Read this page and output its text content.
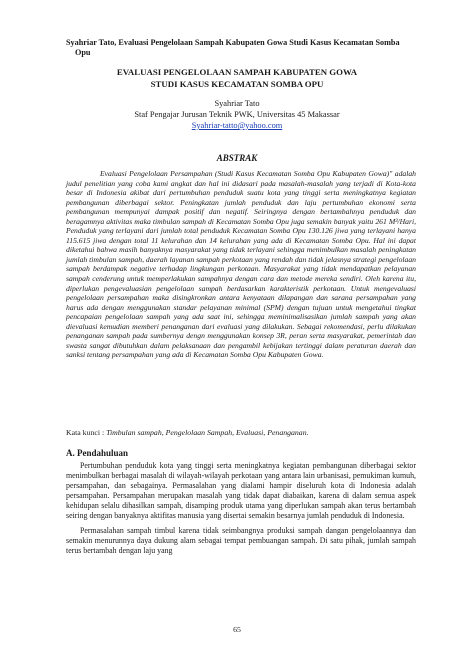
Syahriar Tato, Evaluasi Pengelolaan Sampah Kabupaten Gowa Studi Kasus Kecamatan Somba
Opu
EVALUASI PENGELOLAAN SAMPAH KABUPATEN GOWA
STUDI KASUS KECAMATAN SOMBA OPU
Syahriar Tato
Staf Pengajar Jurusan Teknik PWK, Universitas 45 Makassar
Syahriar-tatto@yahoo.com
ABSTRAK

Evaluasi Pengelolaan Persampahan (Studi Kasus Kecamatan Somba Opu Kabupaten Gowa)" adalah judul penelitian yang coba kami angkat dan hal ini didasari pada masalah-masalah yang terjadi di Kota-kota besar di Indonesia akibat dari pertumbuhan penduduk suatu kota yang tinggi serta meningkatnya kegiatan pembangunan diberbagai sektor. Peningkatan jumlah penduduk dan laju pertumbuhan ekonomi serta pembangunan mempunyai dampak positif dan negatif. Seiringnya dengan bertambahnya penduduk dan beragamnya aktivitas maka timbulan sampah di Kecamatan Somba Opu juga semakin banyak yaitu 261 M³/Hari, Penduduk yang terlayani dari jumlah total penduduk Kecamatan Somba Opu 130.126 jiwa yang terlayani hanya 115.615 jiwa dengan total 11 kelurahan dan 14 kelurahan yang ada di Kecamatan Somba Opu. Hal ini dapat diketahui bahwa masih banyaknya masyarakat yang tidak terlayani sehingga menimbulkan masalah peningkatan jumlah timbulan sampah, daerah layanan sampah perkotaan yang rendah dan tidak jelasnya strategi pengelolaan sampah berdampak negative terhadap lingkungan perkotaan. Masyarakat yang tidak mendapatkan pelayanan sampah cenderung untuk memperlakukan sampahnya dengan cara dan metode mereka sendiri. Oleh karena itu, diperlukan pengevaluasian pengelolaan sampah berdasarkan karakteristik perkotaan. Untuk mengevaluasi pengelolaan persampahan maka disingkronkan antara kenyataan dilapangan dan sarana persampahan yang harus ada dengan menggunakan standar pelayanan minimal (SPM) dengan tujuan untuk mengetahui tingkat pencapaian pengelolaan sampah yang ada saat ini, sehingga meminimalisasikan jumlah sampah yang akan dievaluasi kemudian memberi penanganan dari evaluasi yang dilakukan. Sebagai rekomendasi, perlu dilakukan penanganan sampah pada sumbernya dengn menggunakan konsep 3R, peran serta masyarakat, pemerintah dan swasta sangat dibutuhkan dalam pelaksanaan dan pengambil kebijakan tertinggi dalam peraturan daerah dan sanksi tentang persampahan yang ada di Kecamatan Somba Opu Kabupaten Gowa.

Kata kunci : Timbulan sampah, Pengelolaan Sampah, Evaluasi, Penanganan.
A. Pendahuluan

Pertumbuhan penduduk kota yang tinggi serta meningkatnya kegiatan pembangunan diberbagai sektor menimbulkan berbagai masalah di wilayah-wilayah perkotaan yang antara lain urbanisasi, pemukiman kumuh, persampahan, dan sebagainya. Permasalahan yang dialami hampir diseluruh kota di Indonesia adalah persampahan. Persampahan merupakan masalah yang tidak dapat diabaikan, karena di dalam semua aspek kehidupan selalu dihasilkan sampah, disamping produk utama yang diperlukan sampah akan terus bertambah seiring dengan banyaknya aktifitas manusia yang disertai semakin besarnya jumlah penduduk di Indonesia.

Permasalahan sampah timbul karena tidak seimbangnya produksi sampah dangan pengelolaannya dan semakin menurunnya daya dukung alam sebagai tempat pembuangan sampah. Di satu pihak, jumlah sampah terus bertambah dengan laju yang

65
